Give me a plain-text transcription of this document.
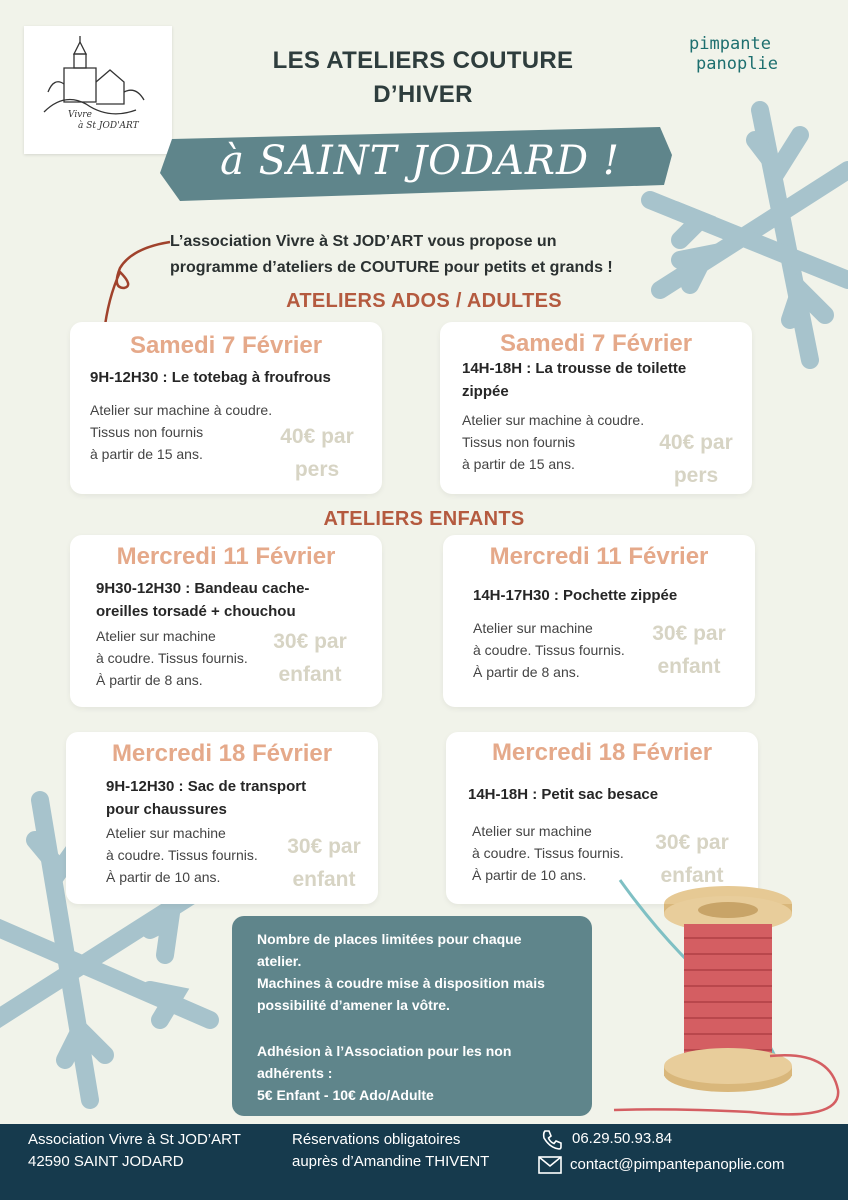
Vivre
à St JOD'ART
LES ATELIERS COUTURE
D’HIVER
pimpante
panoplie
à SAINT JODARD !
L’association Vivre à St JOD’ART vous propose un
programme d’ateliers de COUTURE pour petits et grands !
ATELIERS ADOS / ADULTES
Samedi 7 Février
9H-12H30 : Le totebag à froufrous
Atelier sur machine à coudre.
Tissus non fournis
à partir de 15 ans.
40€ par
pers
Samedi 7 Février
14H-18H : La trousse de toilette
zippée
Atelier sur machine à coudre.
Tissus non fournis
à partir de 15 ans.
40€ par
pers
ATELIERS ENFANTS
Mercredi 11 Février
9H30-12H30 : Bandeau cache-
oreilles torsadé + chouchou
Atelier sur machine
à coudre. Tissus fournis.
À partir de 8 ans.
30€ par
enfant
Mercredi 11 Février
14H-17H30 : Pochette zippée
Atelier sur machine
à coudre. Tissus fournis.
À partir de 8 ans.
30€ par
enfant
Mercredi 18 Février
9H-12H30 : Sac de transport
pour chaussures
Atelier sur machine
à coudre. Tissus fournis.
À partir de 10 ans.
30€ par
enfant
Mercredi 18 Février
14H-18H : Petit sac besace
Atelier sur machine
à coudre. Tissus fournis.
À partir de 10 ans.
30€ par
enfant
Nombre de places limitées pour chaque
atelier.
Machines à coudre mise à disposition mais
possibilité d’amener la vôtre.
Adhésion à l’Association pour les non
adhérents :
5€ Enfant - 10€ Ado/Adulte
Association Vivre à St JOD’ART
42590 SAINT JODARD
Réservations obligatoires
auprès d’Amandine THIVENT
06.29.50.93.84
contact@pimpantepanoplie.com
